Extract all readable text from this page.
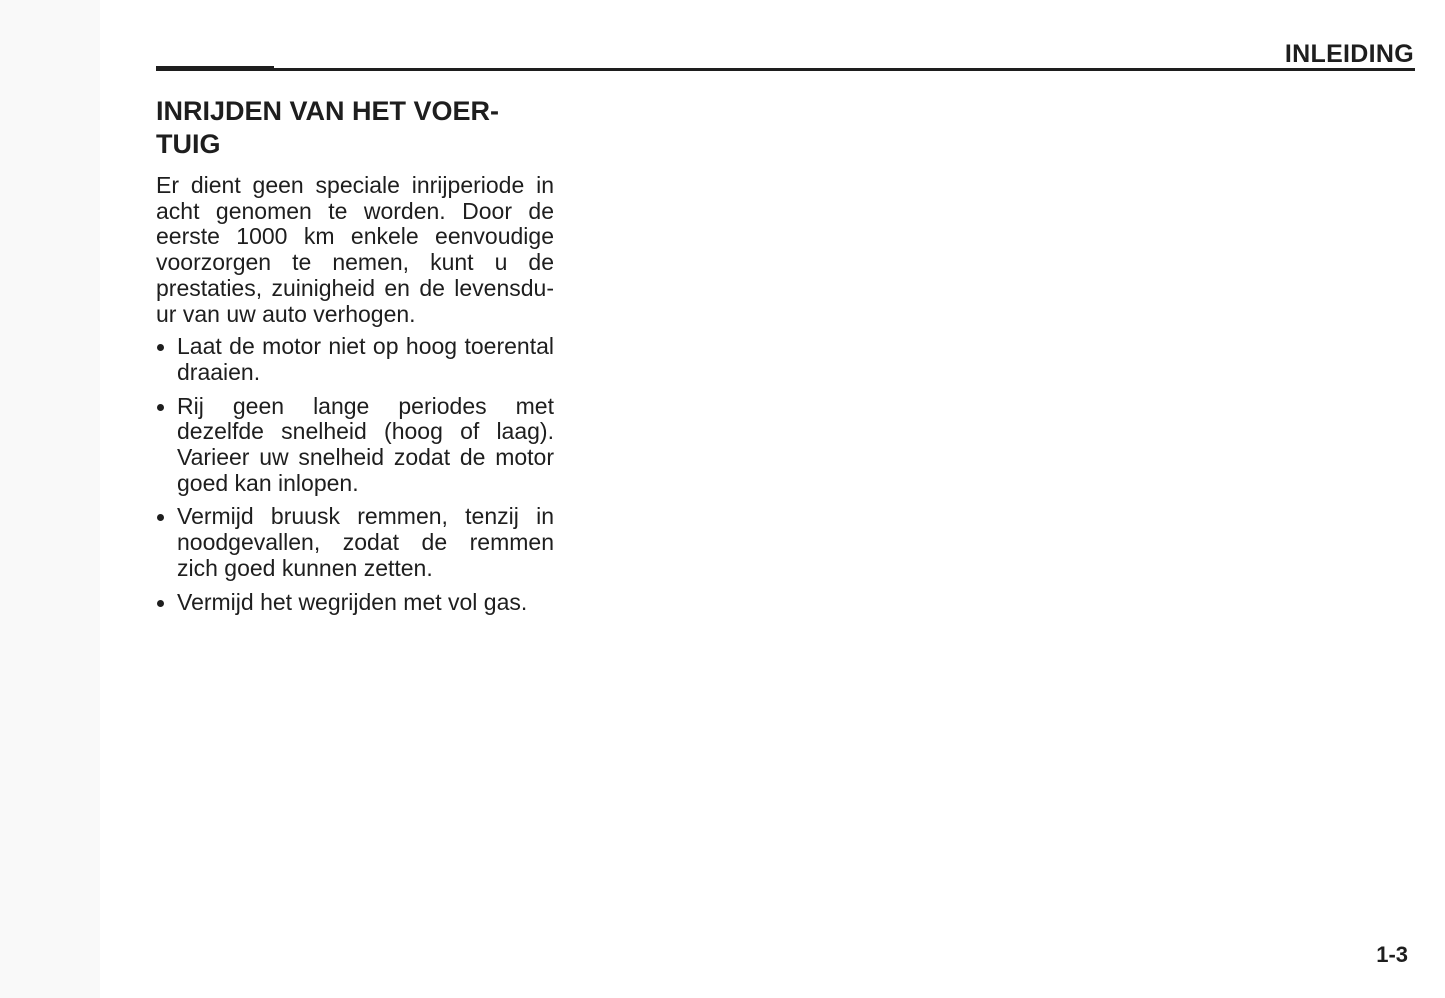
INLEIDING
INRIJDEN VAN HET VOER-
TUIG

Er dient geen speciale inrijperiode in
acht genomen te worden. Door de
eerste 1000 km enkele eenvoudige
voorzorgen te nemen, kunt u de
prestaties, zuinigheid en de levensdu-
ur van uw auto verhogen.

Laat de motor niet op hoog toerental
draaien.
Rij geen lange periodes met
dezelfde snelheid (hoog of laag).
Varieer uw snelheid zodat de motor
goed kan inlopen.
Vermijd bruusk remmen, tenzij in
noodgevallen, zodat de remmen
zich goed kunnen zetten.
Vermijd het wegrijden met vol gas.
1-3
